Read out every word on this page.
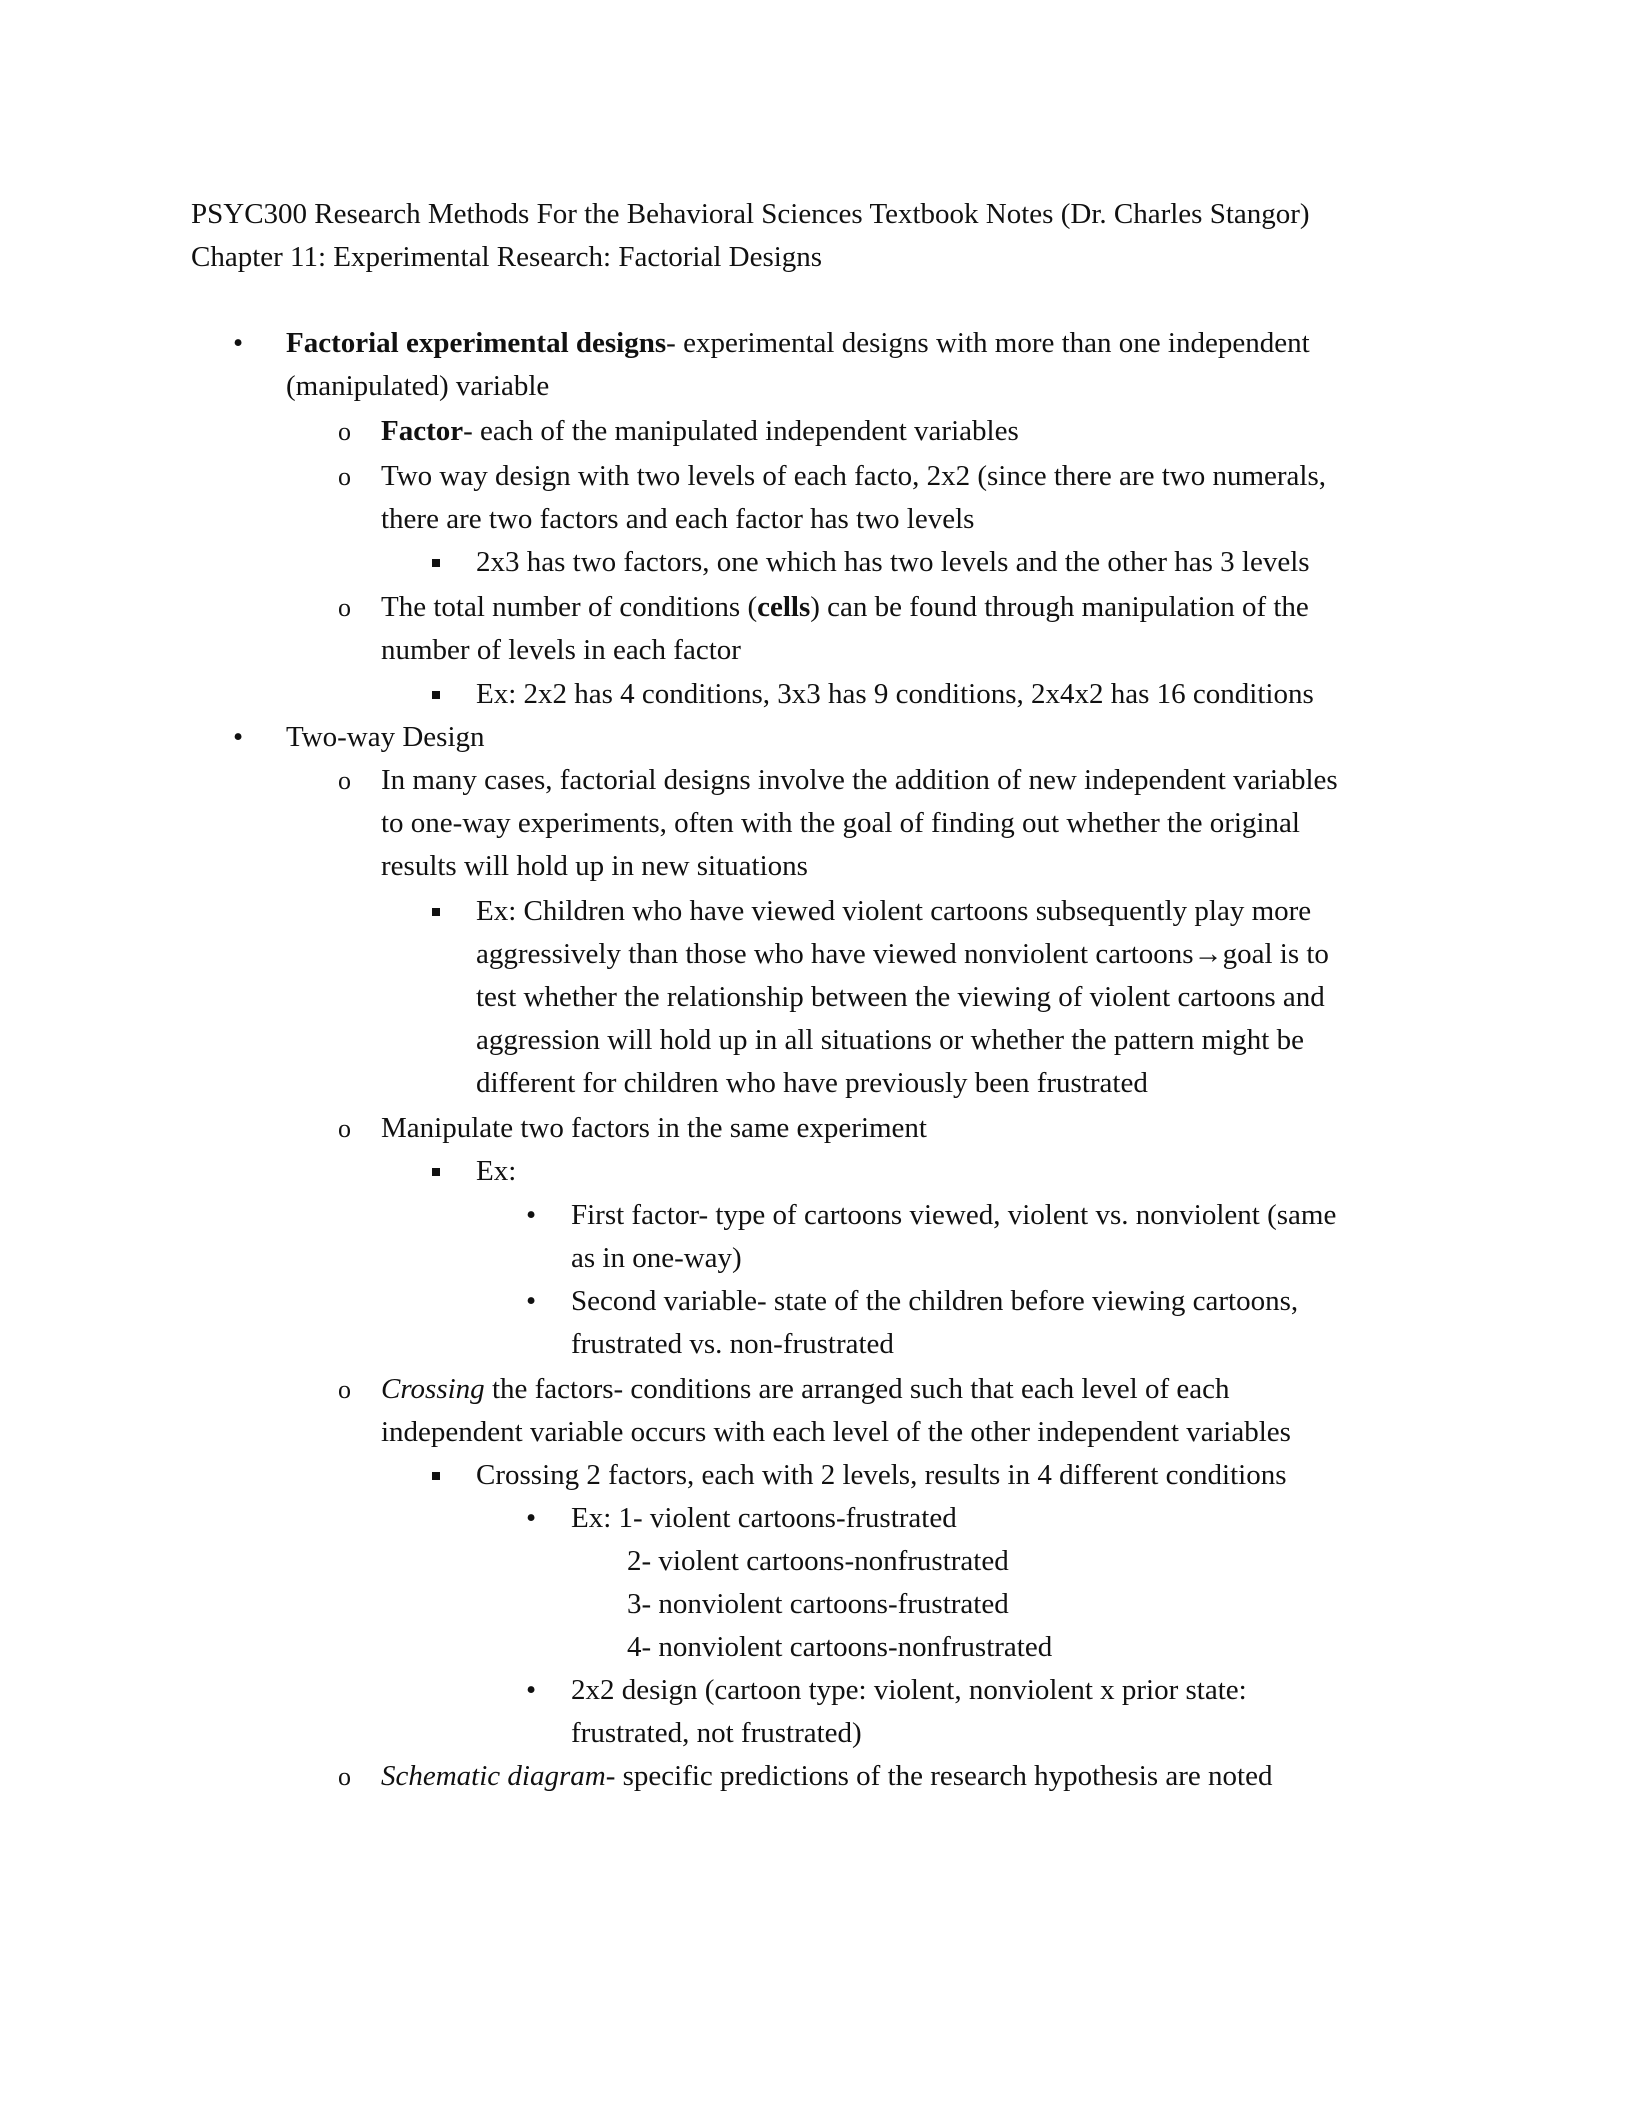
PSYC300 Research Methods For the Behavioral Sciences Textbook Notes (Dr. Charles Stangor)
Chapter 11: Experimental Research: Factorial Designs
•
Factorial experimental designs- experimental designs with more than one independent
(manipulated) variable
o Factor- each of the manipulated independent variables
o Two way design with two levels of each facto, 2x2 (since there are two numerals,
there are two factors and each factor has two levels
2x3 has two factors, one which has two levels and the other has 3 levels
o The total number of conditions (cells) can be found through manipulation of the
number of levels in each factor
Ex: 2x2 has 4 conditions, 3x3 has 9 conditions, 2x4x2 has 16 conditions
•
Two-way Design
o In many cases, factorial designs involve the addition of new independent variables
to one-way experiments, often with the goal of finding out whether the original
results will hold up in new situations
Ex: Children who have viewed violent cartoons subsequently play more
aggressively than those who have viewed nonviolent cartoons→goal is to
test whether the relationship between the viewing of violent cartoons and
aggression will hold up in all situations or whether the pattern might be
different for children who have previously been frustrated
o Manipulate two factors in the same experiment
Ex:
•
First factor- type of cartoons viewed, violent vs. nonviolent (same
as in one-way)
•
Second variable- state of the children before viewing cartoons,
frustrated vs. non-frustrated
o Crossing the factors- conditions are arranged such that each level of each
independent variable occurs with each level of the other independent variables
Crossing 2 factors, each with 2 levels, results in 4 different conditions
•
Ex: 1- violent cartoons-frustrated
2- violent cartoons-nonfrustrated
3- nonviolent cartoons-frustrated
4- nonviolent cartoons-nonfrustrated
•
2x2 design (cartoon type: violent, nonviolent x prior state:
frustrated, not frustrated)
o Schematic diagram- specific predictions of the research hypothesis are noted
